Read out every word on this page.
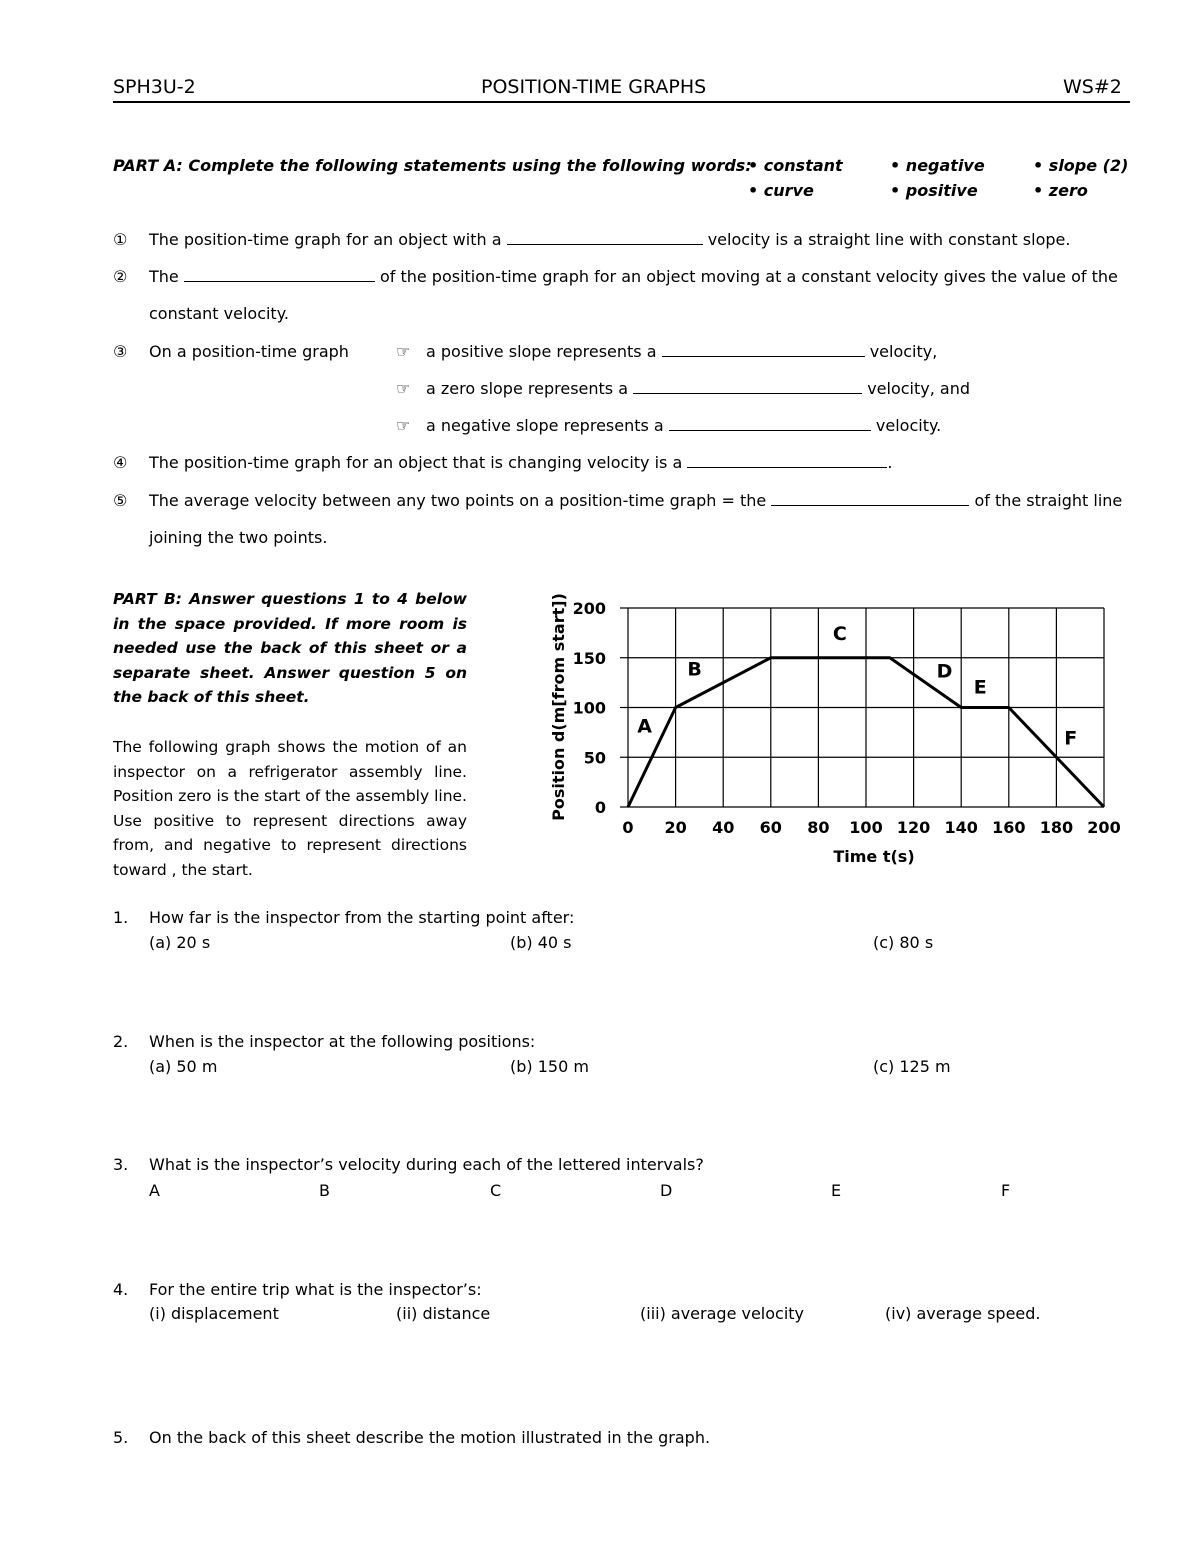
SPH3U-2	POSITION-TIME GRAPHS	WS#2
PART A: Complete the following statements using the following words:
• constant	• negative	• slope (2)
• curve	• positive	• zero
① The position-time graph for an object with a	velocity is a straight line with constant slope.
② The	of the position-time graph for an object moving at a constant velocity gives the value of the
constant velocity.
③ On a position-time graph	☞ a positive slope represents a	velocity,
☞ a zero slope represents a	velocity, and
☞ a negative slope represents a	velocity.
④ The position-time graph for an object that is changing velocity is a	.
⑤ The average velocity between any two points on a position-time graph = the	of the straight line
joining the two points.
PART B: Answer questions 1 to 4 below in the space provided. If more room is needed use the back of this sheet or a separate sheet. Answer question 5 on the back of this sheet.
The following graph shows the motion of an inspector on a refrigerator assembly line. Position zero is the start of the assembly line. Use positive to represent directions away from, and negative to represent directions toward , the start.
0 20 40 60 80 100 120 140 160 180 200
0
50
100
150
200
A
B
C
D
E
F
Time t(s)
Position d(m[from start])
1. How far is the inspector from the starting point after:
(a) 20 s	(b) 40 s	(c) 80 s
2. When is the inspector at the following positions:
(a) 50 m	(b) 150 m	(c) 125 m
3. What is the inspector’s velocity during each of the lettered intervals?
A	B	C	D	E	F
4. For the entire trip what is the inspector’s:
(i) displacement	(ii) distance	(iii) average velocity	(iv) average speed.
5. On the back of this sheet describe the motion illustrated in the graph.
